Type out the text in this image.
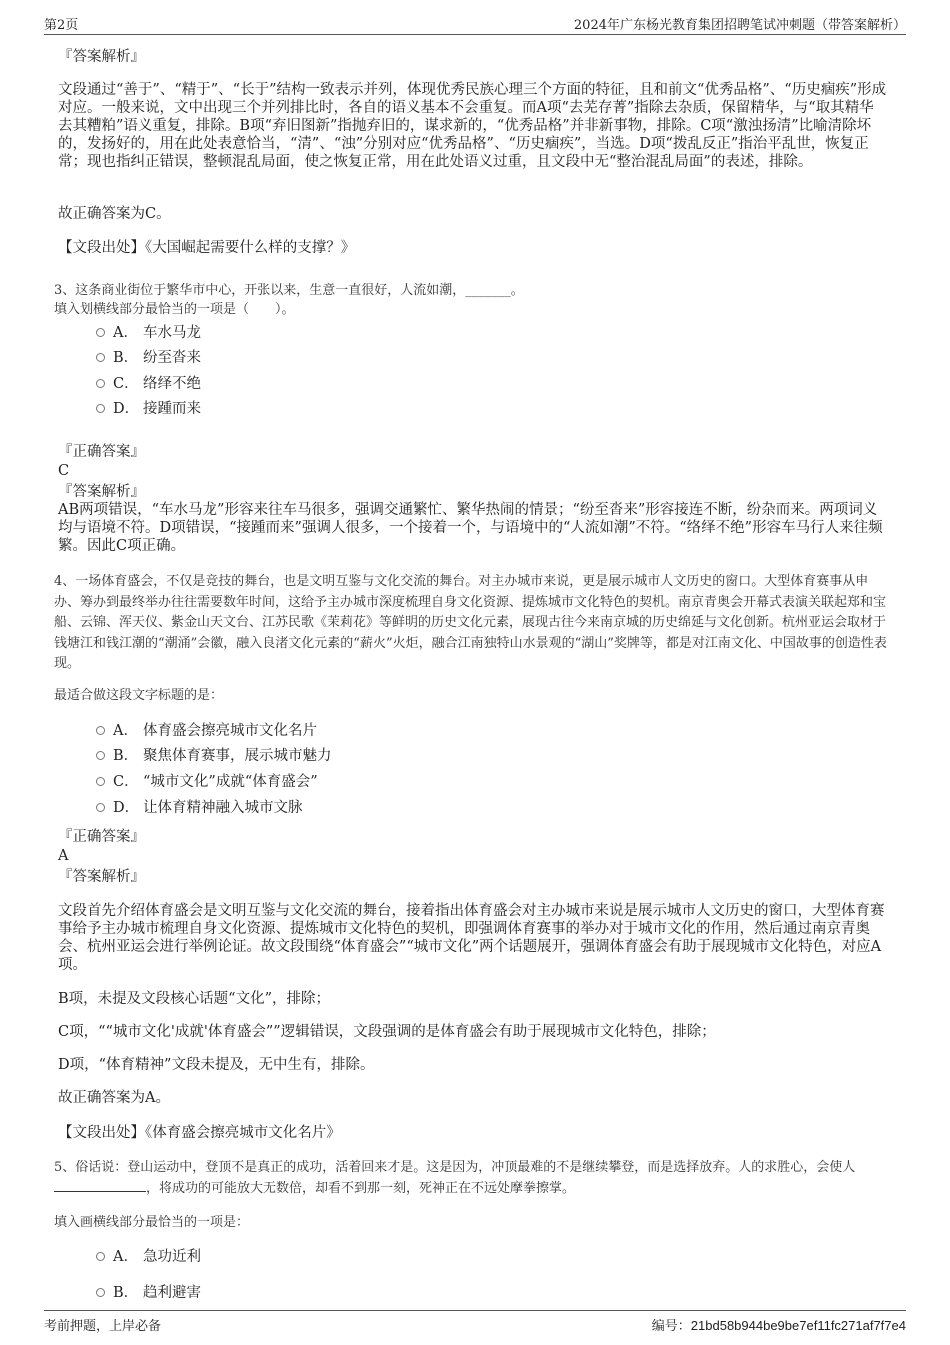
第2页	2024年广东杨光教育集团招聘笔试冲刺题（带答案解析）
『答案解析』
文段通过“善于”、“精于”、“长于”结构一致表示并列，体现优秀民族心理三个方面的特征，且和前文“优秀品格”、“历史痼疾”形成对应。一般来说，文中出现三个并列排比时，各自的语义基本不会重复。而A项“去芜存菁”指除去杂质，保留精华，与“取其精华去其糟粕”语义重复，排除。B项“弃旧图新”指抛弃旧的，谋求新的，“优秀品格”并非新事物，排除。C项“激浊扬清”比喻清除坏的，发扬好的，用在此处表意恰当，“清”、“浊”分别对应“优秀品格”、“历史痼疾”，当选。D项“拨乱反正”指治平乱世，恢复正常；现也指纠正错误，整顿混乱局面，使之恢复正常，用在此处语义过重，且文段中无“整治混乱局面”的表述，排除。
故正确答案为C。
【文段出处】《大国崛起需要什么样的支撑？》
3、这条商业街位于繁华市中心，开张以来，生意一直很好，人流如潮，_______。
填入划横线部分最恰当的一项是（　　）。
A． 车水马龙
B． 纷至沓来
C． 络绎不绝
D． 接踵而来
『正确答案』
C
『答案解析』
AB两项错误，“车水马龙”形容来往车马很多，强调交通繁忙、繁华热闹的情景；“纷至沓来”形容接连不断，纷杂而来。两项词义均与语境不符。D项错误，“接踵而来”强调人很多，一个接着一个，与语境中的“人流如潮”不符。“络绎不绝”形容车马行人来往频繁。因此C项正确。
4、一场体育盛会，不仅是竞技的舞台，也是文明互鉴与文化交流的舞台。对主办城市来说，更是展示城市人文历史的窗口。大型体育赛事从申办、筹办到最终举办往往需要数年时间，这给予主办城市深度梳理自身文化资源、提炼城市文化特色的契机。南京青奥会开幕式表演关联起郑和宝船、云锦、浑天仪、紫金山天文台、江苏民歌《茉莉花》等鲜明的历史文化元素，展现古往今来南京城的历史绵延与文化创新。杭州亚运会取材于钱塘江和钱江潮的“潮涌”会徽，融入良渚文化元素的“薪火”火炬，融合江南独特山水景观的“湖山”奖牌等，都是对江南文化、中国故事的创造性表现。
最适合做这段文字标题的是：
A． 体育盛会擦亮城市文化名片
B． 聚焦体育赛事，展示城市魅力
C． “城市文化”成就“体育盛会”
D． 让体育精神融入城市文脉
『正确答案』
A
『答案解析』
文段首先介绍体育盛会是文明互鉴与文化交流的舞台，接着指出体育盛会对主办城市来说是展示城市人文历史的窗口，大型体育赛事给予主办城市梳理自身文化资源、提炼城市文化特色的契机，即强调体育赛事的举办对于城市文化的作用，然后通过南京青奥会、杭州亚运会进行举例论证。故文段围绕“体育盛会”“城市文化”两个话题展开，强调体育盛会有助于展现城市文化特色，对应A项。
B项，未提及文段核心话题“文化”，排除；
C项，““城市文化'成就'体育盛会””逻辑错误，文段强调的是体育盛会有助于展现城市文化特色，排除；
D项，“体育精神”文段未提及，无中生有，排除。
故正确答案为A。
【文段出处】《体育盛会擦亮城市文化名片》
5、俗话说：登山运动中，登顶不是真正的成功，活着回来才是。这是因为，冲顶最难的不是继续攀登，而是选择放弃。人的求胜心，会使人
，将成功的可能放大无数倍，却看不到那一刻，死神正在不远处摩拳擦掌。
填入画横线部分最恰当的一项是：
A． 急功近利
B． 趋利避害
考前押题，上岸必备	编号：21bd58b944be9be7ef11fc271af7f7e4
